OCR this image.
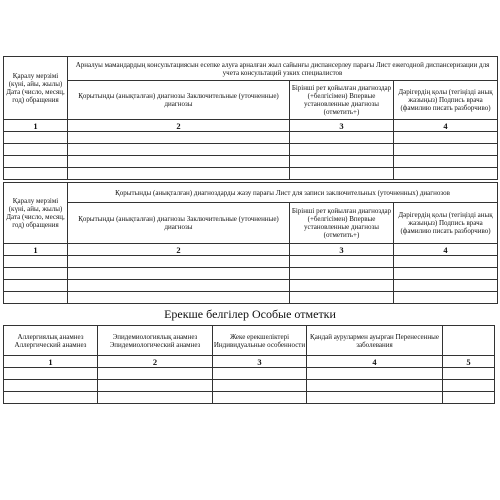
Қаралу мерзімі (күні, айы, жылы) Дата (число, месяц, год) обращения	Арналуы мамандардың консультациясын есепке алуға арналған жыл сайынғы диспансерлеу парағы Лист ежегодной диспансеризации для учета консультаций узких специалистов		
	Қорытынды (анықталған) диагнозы Заключительные (уточненные) диагнозы	Бірінші рет қойылған диагноздар (+белгісімен) Впервые установленные диагнозы (отметить+)	Дәрігердің қолы (тегіңізді анық жазыңыз) Подпись врача (фамилию писать разборчиво)
1	2	3	4

Қаралу мерзімі (күні, айы, жылы) Дата (число, месяц, год) обращения	Қорытынды (анықталған) диагноздарды жазу парағы Лист для записи заключительных (уточненных) диагнозов		
	Қорытынды (анықталған) диагнозы Заключительные (уточненные) диагнозы	Бірінші рет қойылған диагноздар (+белгісімен) Впервые установленные диагнозы (отметить+)	Дәрігердің қолы (тегіңізді анық жазыңыз) Подпись врача (фамилию писать разборчиво)
1	2	3	4

Ерекше белгілер Особые отметки
Аллергиялық анамнез Аллергический анамнез	Эпидемиологиялық анамнез Эпидемиологический анамнез	Жеке ерекшеліктері Индивидуальные особенности	Қандай аурулармен ауырған Перенесенные заболевания	
1	2	3	4	5
